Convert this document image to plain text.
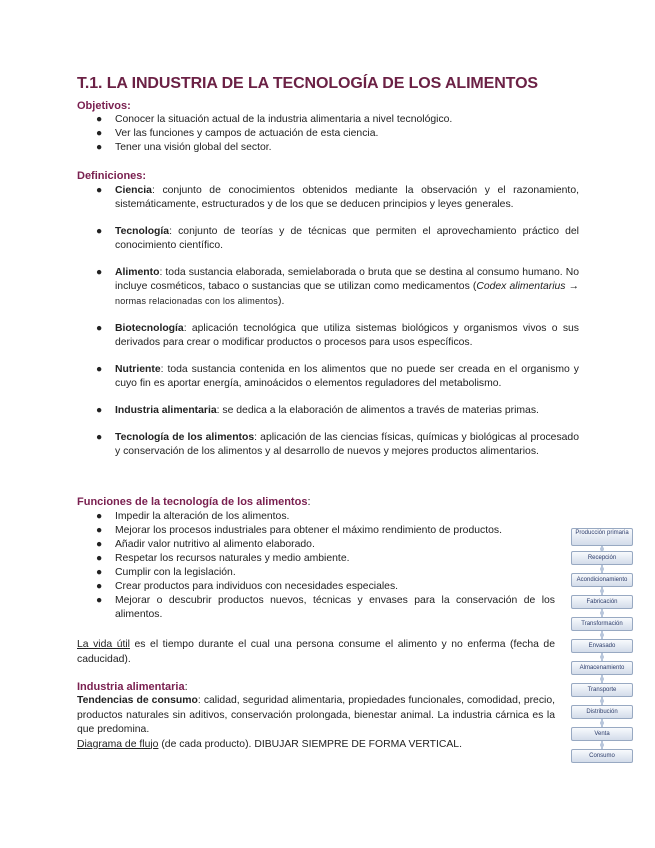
T.1. LA INDUSTRIA DE LA TECNOLOGÍA DE LOS ALIMENTOS
Objetivos:
● Conocer la situación actual de la industria alimentaria a nivel tecnológico.
● Ver las funciones y campos de actuación de esta ciencia.
● Tener una visión global del sector.
Definiciones:
● Ciencia: conjunto de conocimientos obtenidos mediante la observación y el razonamiento, sistemáticamente, estructurados y de los que se deducen principios y leyes generales.
● Tecnología: conjunto de teorías y de técnicas que permiten el aprovechamiento práctico del conocimiento científico.
● Alimento: toda sustancia elaborada, semielaborada o bruta que se destina al consumo humano. No incluye cosméticos, tabaco o sustancias que se utilizan como medicamentos (Codex alimentarius → normas relacionadas con los alimentos).
● Biotecnología: aplicación tecnológica que utiliza sistemas biológicos y organismos vivos o sus derivados para crear o modificar productos o procesos para usos específicos.
● Nutriente: toda sustancia contenida en los alimentos que no puede ser creada en el organismo y cuyo fin es aportar energía, aminoácidos o elementos reguladores del metabolismo.
● Industria alimentaria: se dedica a la elaboración de alimentos a través de materias primas.
● Tecnología de los alimentos: aplicación de las ciencias físicas, químicas y biológicas al procesado y conservación de los alimentos y al desarrollo de nuevos y mejores productos alimentarios.
Funciones de la tecnología de los alimentos:
● Impedir la alteración de los alimentos.
● Mejorar los procesos industriales para obtener el máximo rendimiento de productos.
● Añadir valor nutritivo al alimento elaborado.
● Respetar los recursos naturales y medio ambiente.
● Cumplir con la legislación.
● Crear productos para individuos con necesidades especiales.
● Mejorar o descubrir productos nuevos, técnicas y envases para la conservación de los alimentos.

La vida útil es el tiempo durante el cual una persona consume el alimento y no enferma (fecha de caducidad).

Industria alimentaria:

Tendencias de consumo: calidad, seguridad alimentaria, propiedades funcionales, comodidad, precio, productos naturales sin aditivos, conservación prolongada, bienestar animal. La industria cárnica es la que predomina.
Diagrama de flujo (de cada producto). DIBUJAR SIEMPRE DE FORMA VERTICAL.

Producción primaria
Recepción
Acondicionamiento
Fabricación
Transformación
Envasado
Almacenamiento
Transporte
Distribución
Venta
Consumo
